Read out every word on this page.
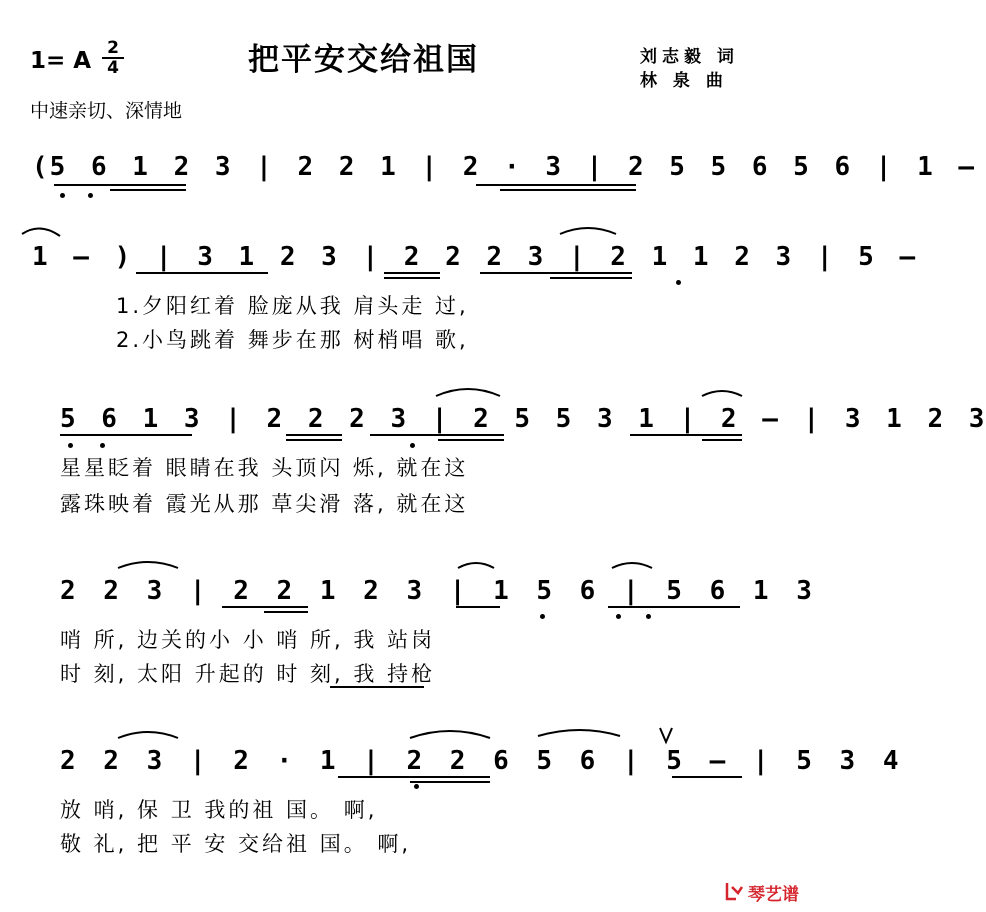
1= A 2
4	把平安交给祖国	刘志毅 词
林 泉 曲
中速亲切、深情地
(5 6 1 2 3 | 2 2 1 | 2 · 3 | 2 5 5 6 5 6 | 1 —
1 — ) | 3 1 2 3 | 2 2 2 3 | 2 1 1 2 3 | 5 —
1.夕阳红着 脸庞从我 肩头走 过,
2.小鸟跳着 舞步在那 树梢唱 歌,
5 6 1 3 | 2 2 2 3 | 2 5 5 3 1 | 2 — | 3 1 2 3
星星眨着 眼睛在我 头顶闪 烁, 就在这
露珠映着 霞光从那 草尖滑 落, 就在这
2 2 3 | 2 2 1 2 3 | 1 5 6 | 5 6 1 3
哨 所, 边关的小 小 哨 所, 我 站岗
时 刻, 太阳 升起的 时 刻, 我 持枪
2 2 3 | 2 · 1 | 2 2 6 5 6 | 5 — | 5 3 4
放 哨, 保 卫 我的祖 国。 啊,
敬 礼, 把 平 安 交给祖 国。 啊,
琴艺谱
